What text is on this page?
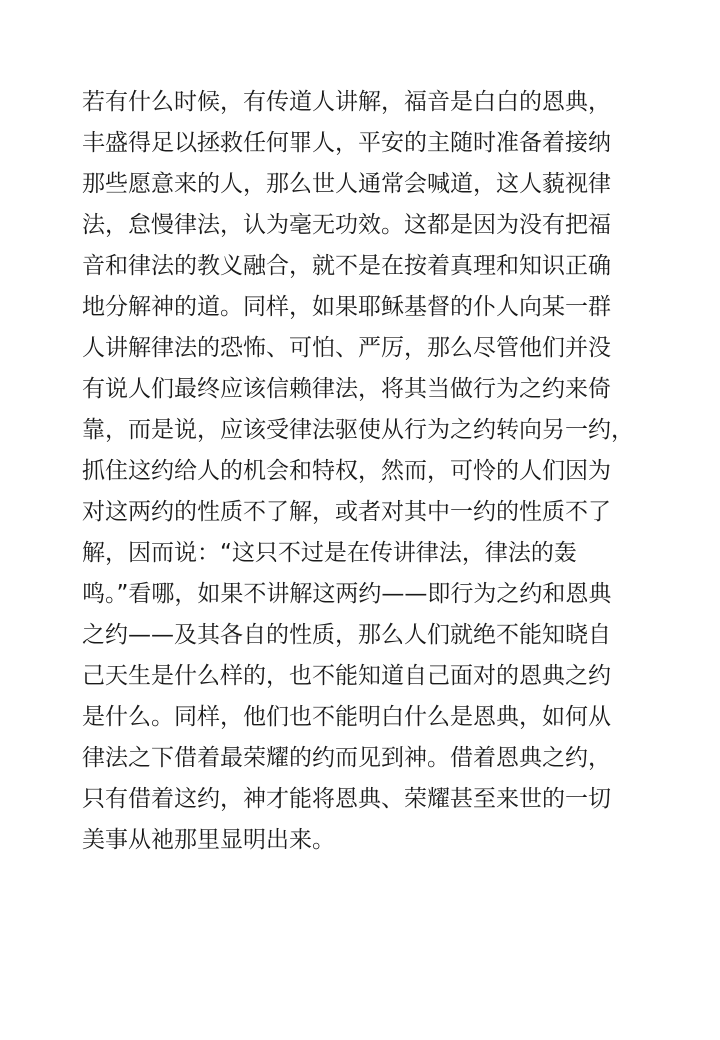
若有什么时候，有传道人讲解，福音是白白的恩典，
丰盛得足以拯救任何罪人，平安的主随时准备着接纳
那些愿意来的人，那么世人通常会喊道，这人藐视律
法，怠慢律法，认为毫无功效。这都是因为没有把福
音和律法的教义融合，就不是在按着真理和知识正确
地分解神的道。同样，如果耶稣基督的仆人向某一群
人讲解律法的恐怖、可怕、严厉，那么尽管他们并没
有说人们最终应该信赖律法，将其当做行为之约来倚
靠，而是说，应该受律法驱使从行为之约转向另一约，
抓住这约给人的机会和特权，然而，可怜的人们因为
对这两约的性质不了解，或者对其中一约的性质不了
解，因而说：“这只不过是在传讲律法，律法的轰
鸣。”看哪，如果不讲解这两约——即行为之约和恩典
之约——及其各自的性质，那么人们就绝不能知晓自
己天生是什么样的，也不能知道自己面对的恩典之约
是什么。同样，他们也不能明白什么是恩典，如何从
律法之下借着最荣耀的约而见到神。借着恩典之约，
只有借着这约，神才能将恩典、荣耀甚至来世的一切
美事从祂那里显明出来。
